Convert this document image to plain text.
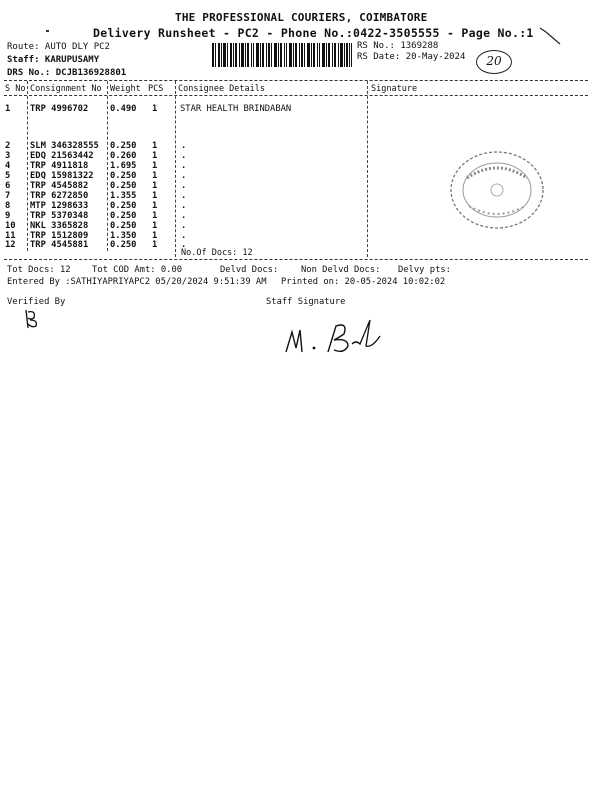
THE PROFESSIONAL COURIERS, COIMBATORE
Delivery Runsheet - PC2 - Phone No.:0422-3505555 - Page No.:1
Route: AUTO DLY PC2
Staff: KARUPUSAMY
DRS No.: DCJB136928801
RS No.: 1369288
RS Date: 20-May-2024	20
S No Consignment No Weight PCS Consignee Details	Signature
1 TRP 4996702 0.490 1	STAR HEALTH BRINDABAN
2 SLM 346328555 0.250 1	.
3 EDQ 21563442 0.260 1	.
4 TRP 4911818 1.695 1	.
5 EDQ 15981322 0.250 1	.
6 TRP 4545882 0.250 1	.
7 TRP 6272850 1.355 1	.
8 MTP 1298633 0.250 1	.
9 TRP 5370348 0.250 1	.
10 NKL 3365828 0.250 1	.
11 TRP 1512809 1.350 1	.
12 TRP 4545881 0.250 1	.
No.Of Docs: 12
Tot Docs: 12 Tot COD Amt: 0.00	Delvd Docs:	Non Delvd Docs: Delvy pts:
Entered By :SATHIYAPRIYAPC2 05/20/2024 9:51:39 AM Printed on: 20-05-2024 10:02:02
Verified By	Staff Signature
